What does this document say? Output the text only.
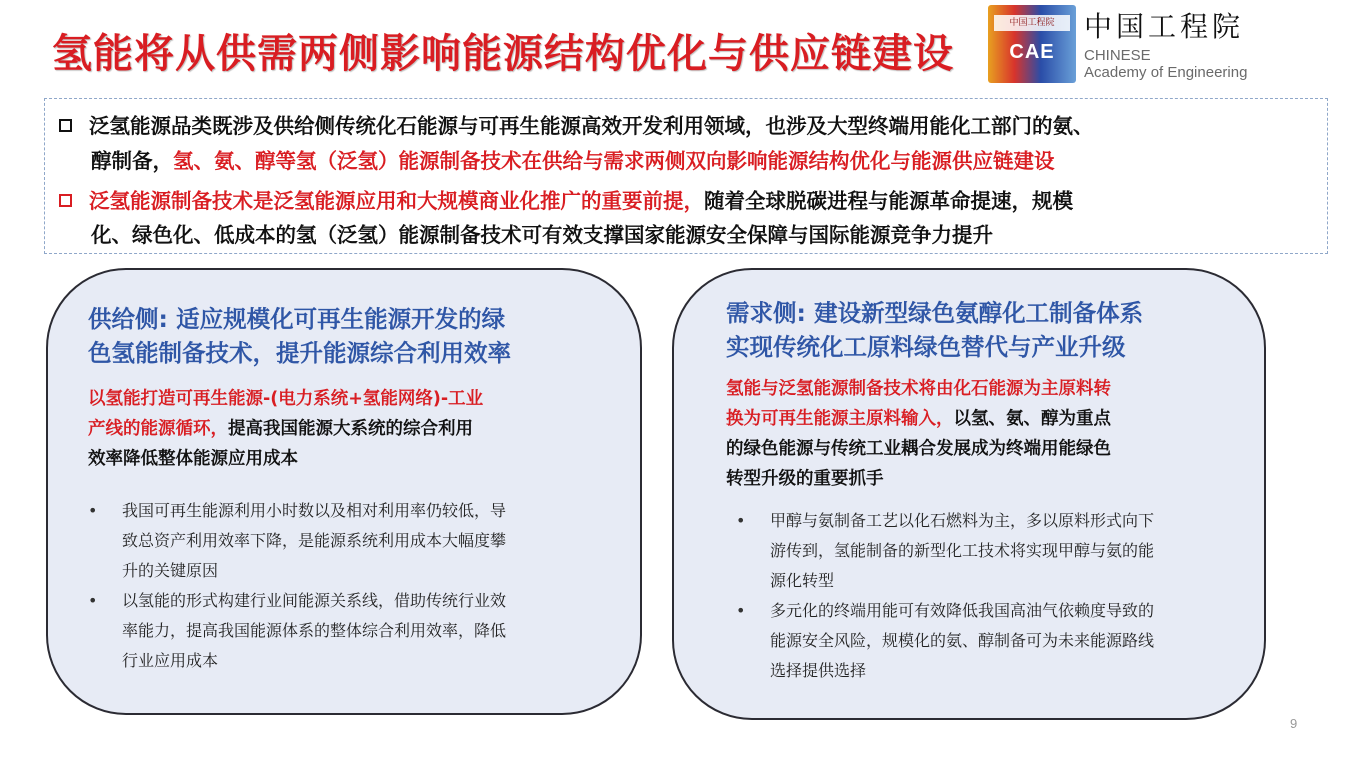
氢能将从供需两侧影响能源结构优化与供应链建设
中国工程院
CAE
中国工程院
CHINESE
Academy of Engineering
泛氢能源品类既涉及供给侧传统化石能源与可再生能源高效开发利用领域，也涉及大型终端用能化工部门的氨、
醇制备，氢、氨、醇等氢（泛氢）能源制备技术在供给与需求两侧双向影响能源结构优化与能源供应链建设
泛氢能源制备技术是泛氢能源应用和大规模商业化推广的重要前提，随着全球脱碳进程与能源革命提速，规模
化、绿色化、低成本的氢（泛氢）能源制备技术可有效支撑国家能源安全保障与国际能源竞争力提升
供给侧: 适应规模化可再生能源开发的绿
色氢能制备技术，提升能源综合利用效率
以氢能打造可再生能源-(电力系统+氢能网络)-工业
产线的能源循环，提高我国能源大系统的综合利用
效率降低整体能源应用成本
• 我国可再生能源利用小时数以及相对利用率仍较低，导
致总资产利用效率下降，是能源系统利用成本大幅度攀
升的关键原因
• 以氢能的形式构建行业间能源关系线，借助传统行业效
率能力，提高我国能源体系的整体综合利用效率，降低
行业应用成本
需求侧: 建设新型绿色氨醇化工制备体系
实现传统化工原料绿色替代与产业升级
氢能与泛氢能源制备技术将由化石能源为主原料转
换为可再生能源主原料输入，以氢、氨、醇为重点
的绿色能源与传统工业耦合发展成为终端用能绿色
转型升级的重要抓手
• 甲醇与氨制备工艺以化石燃料为主，多以原料形式向下
游传到，氢能制备的新型化工技术将实现甲醇与氨的能
源化转型
• 多元化的终端用能可有效降低我国高油气依赖度导致的
能源安全风险，规模化的氨、醇制备可为未来能源路线
选择提供选择
9
